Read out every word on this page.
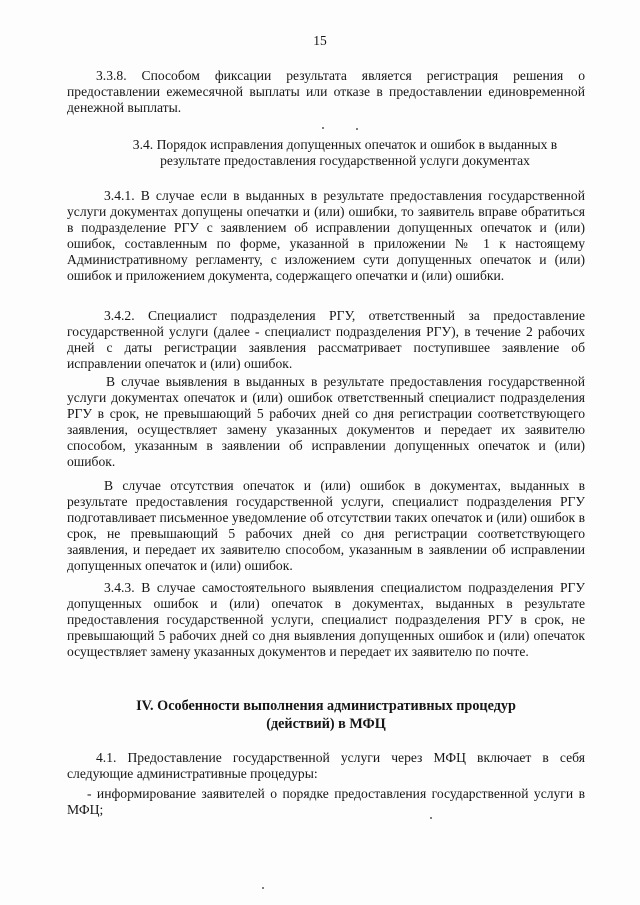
15

3.3.8. Способом фиксации результата является регистрация решения о предоставлении ежемесячной выплаты или отказе в предоставлении единовременной денежной выплаты.

3.4. Порядок исправления допущенных опечаток и ошибок в выданных в результате предоставления государственной услуги документах

3.4.1. В случае если в выданных в результате предоставления государственной услуги документах допущены опечатки и (или) ошибки, то заявитель вправе обратиться в подразделение РГУ с заявлением об исправлении допущенных опечаток и (или) ошибок, составленным по форме, указанной в приложении № 1 к настоящему Административному регламенту, с изложением сути допущенных опечаток и (или) ошибок и приложением документа, содержащего опечатки и (или) ошибки.

3.4.2. Специалист подразделения РГУ, ответственный за предоставление государственной услуги (далее - специалист подразделения РГУ), в течение 2 рабочих дней с даты регистрации заявления рассматривает поступившее заявление об исправлении опечаток и (или) ошибок.

В случае выявления в выданных в результате предоставления государственной услуги документах опечаток и (или) ошибок ответственный специалист подразделения РГУ в срок, не превышающий 5 рабочих дней со дня регистрации соответствующего заявления, осуществляет замену указанных документов и передает их заявителю способом, указанным в заявлении об исправлении допущенных опечаток и (или) ошибок.

В случае отсутствия опечаток и (или) ошибок в документах, выданных в результате предоставления государственной услуги, специалист подразделения РГУ подготавливает письменное уведомление об отсутствии таких опечаток и (или) ошибок в срок, не превышающий 5 рабочих дней со дня регистрации соответствующего заявления, и передает их заявителю способом, указанным в заявлении об исправлении допущенных опечаток и (или) ошибок.

3.4.3. В случае самостоятельного выявления специалистом подразделения РГУ допущенных ошибок и (или) опечаток в документах, выданных в результате предоставления государственной услуги, специалист подразделения РГУ в срок, не превышающий 5 рабочих дней со дня выявления допущенных ошибок и (или) опечаток осуществляет замену указанных документов и передает их заявителю по почте.

IV. Особенности выполнения административных процедур
(действий) в МФЦ

4.1. Предоставление государственной услуги через МФЦ включает в себя следующие административные процедуры:

- информирование заявителей о порядке предоставления государственной услуги в МФЦ;
